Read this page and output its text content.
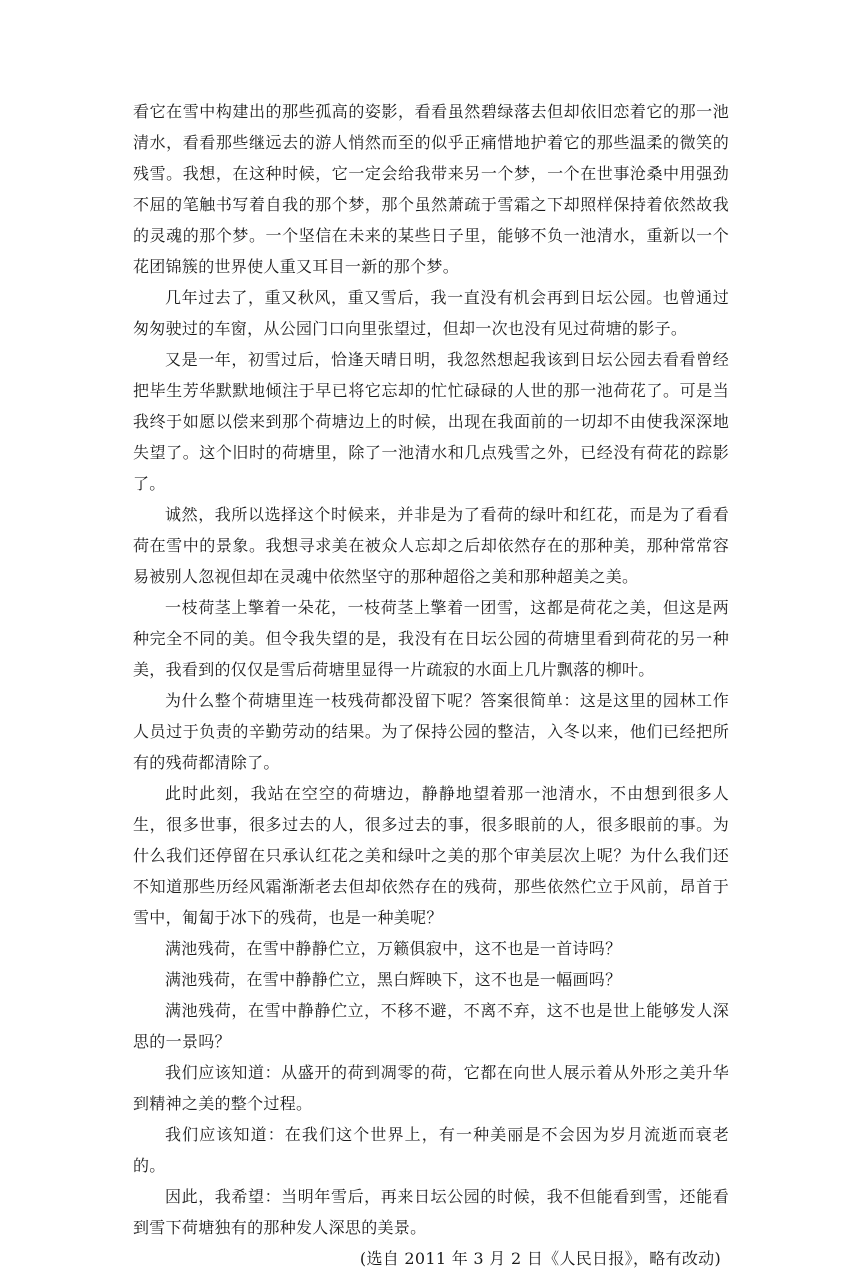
看它在雪中构建出的那些孤高的姿影，看看虽然碧绿落去但却依旧恋着它的那一池清水，看看那些继远去的游人悄然而至的似乎正痛惜地护着它的那些温柔的微笑的残雪。我想，在这种时候，它一定会给我带来另一个梦，一个在世事沧桑中用强劲不屈的笔触书写着自我的那个梦，那个虽然萧疏于雪霜之下却照样保持着依然故我的灵魂的那个梦。一个坚信在未来的某些日子里，能够不负一池清水，重新以一个花团锦簇的世界使人重又耳目一新的那个梦。

几年过去了，重又秋风，重又雪后，我一直没有机会再到日坛公园。也曾通过匆匆驶过的车窗，从公园门口向里张望过，但却一次也没有见过荷塘的影子。

又是一年，初雪过后，恰逢天晴日明，我忽然想起我该到日坛公园去看看曾经把毕生芳华默默地倾注于早已将它忘却的忙忙碌碌的人世的那一池荷花了。可是当我终于如愿以偿来到那个荷塘边上的时候，出现在我面前的一切却不由使我深深地失望了。这个旧时的荷塘里，除了一池清水和几点残雪之外，已经没有荷花的踪影了。

诚然，我所以选择这个时候来，并非是为了看荷的绿叶和红花，而是为了看看荷在雪中的景象。我想寻求美在被众人忘却之后却依然存在的那种美，那种常常容易被别人忽视但却在灵魂中依然坚守的那种超俗之美和那种超美之美。

一枝荷茎上擎着一朵花，一枝荷茎上擎着一团雪，这都是荷花之美，但这是两种完全不同的美。但令我失望的是，我没有在日坛公园的荷塘里看到荷花的另一种美，我看到的仅仅是雪后荷塘里显得一片疏寂的水面上几片飘落的柳叶。

为什么整个荷塘里连一枝残荷都没留下呢？答案很简单：这是这里的园林工作人员过于负责的辛勤劳动的结果。为了保持公园的整洁，入冬以来，他们已经把所有的残荷都清除了。

此时此刻，我站在空空的荷塘边，静静地望着那一池清水，不由想到很多人生，很多世事，很多过去的人，很多过去的事，很多眼前的人，很多眼前的事。为什么我们还停留在只承认红花之美和绿叶之美的那个审美层次上呢？为什么我们还不知道那些历经风霜渐渐老去但却依然存在的残荷，那些依然伫立于风前，昂首于雪中，匍匐于冰下的残荷，也是一种美呢？

满池残荷，在雪中静静伫立，万籁俱寂中，这不也是一首诗吗？

满池残荷，在雪中静静伫立，黑白辉映下，这不也是一幅画吗？

满池残荷，在雪中静静伫立，不移不避，不离不弃，这不也是世上能够发人深思的一景吗？

我们应该知道：从盛开的荷到凋零的荷，它都在向世人展示着从外形之美升华到精神之美的整个过程。

我们应该知道：在我们这个世界上，有一种美丽是不会因为岁月流逝而衰老的。

因此，我希望：当明年雪后，再来日坛公园的时候，我不但能看到雪，还能看到雪下荷塘独有的那种发人深思的美景。

(选自 2011 年 3 月 2 日《人民日报》，略有改动)
